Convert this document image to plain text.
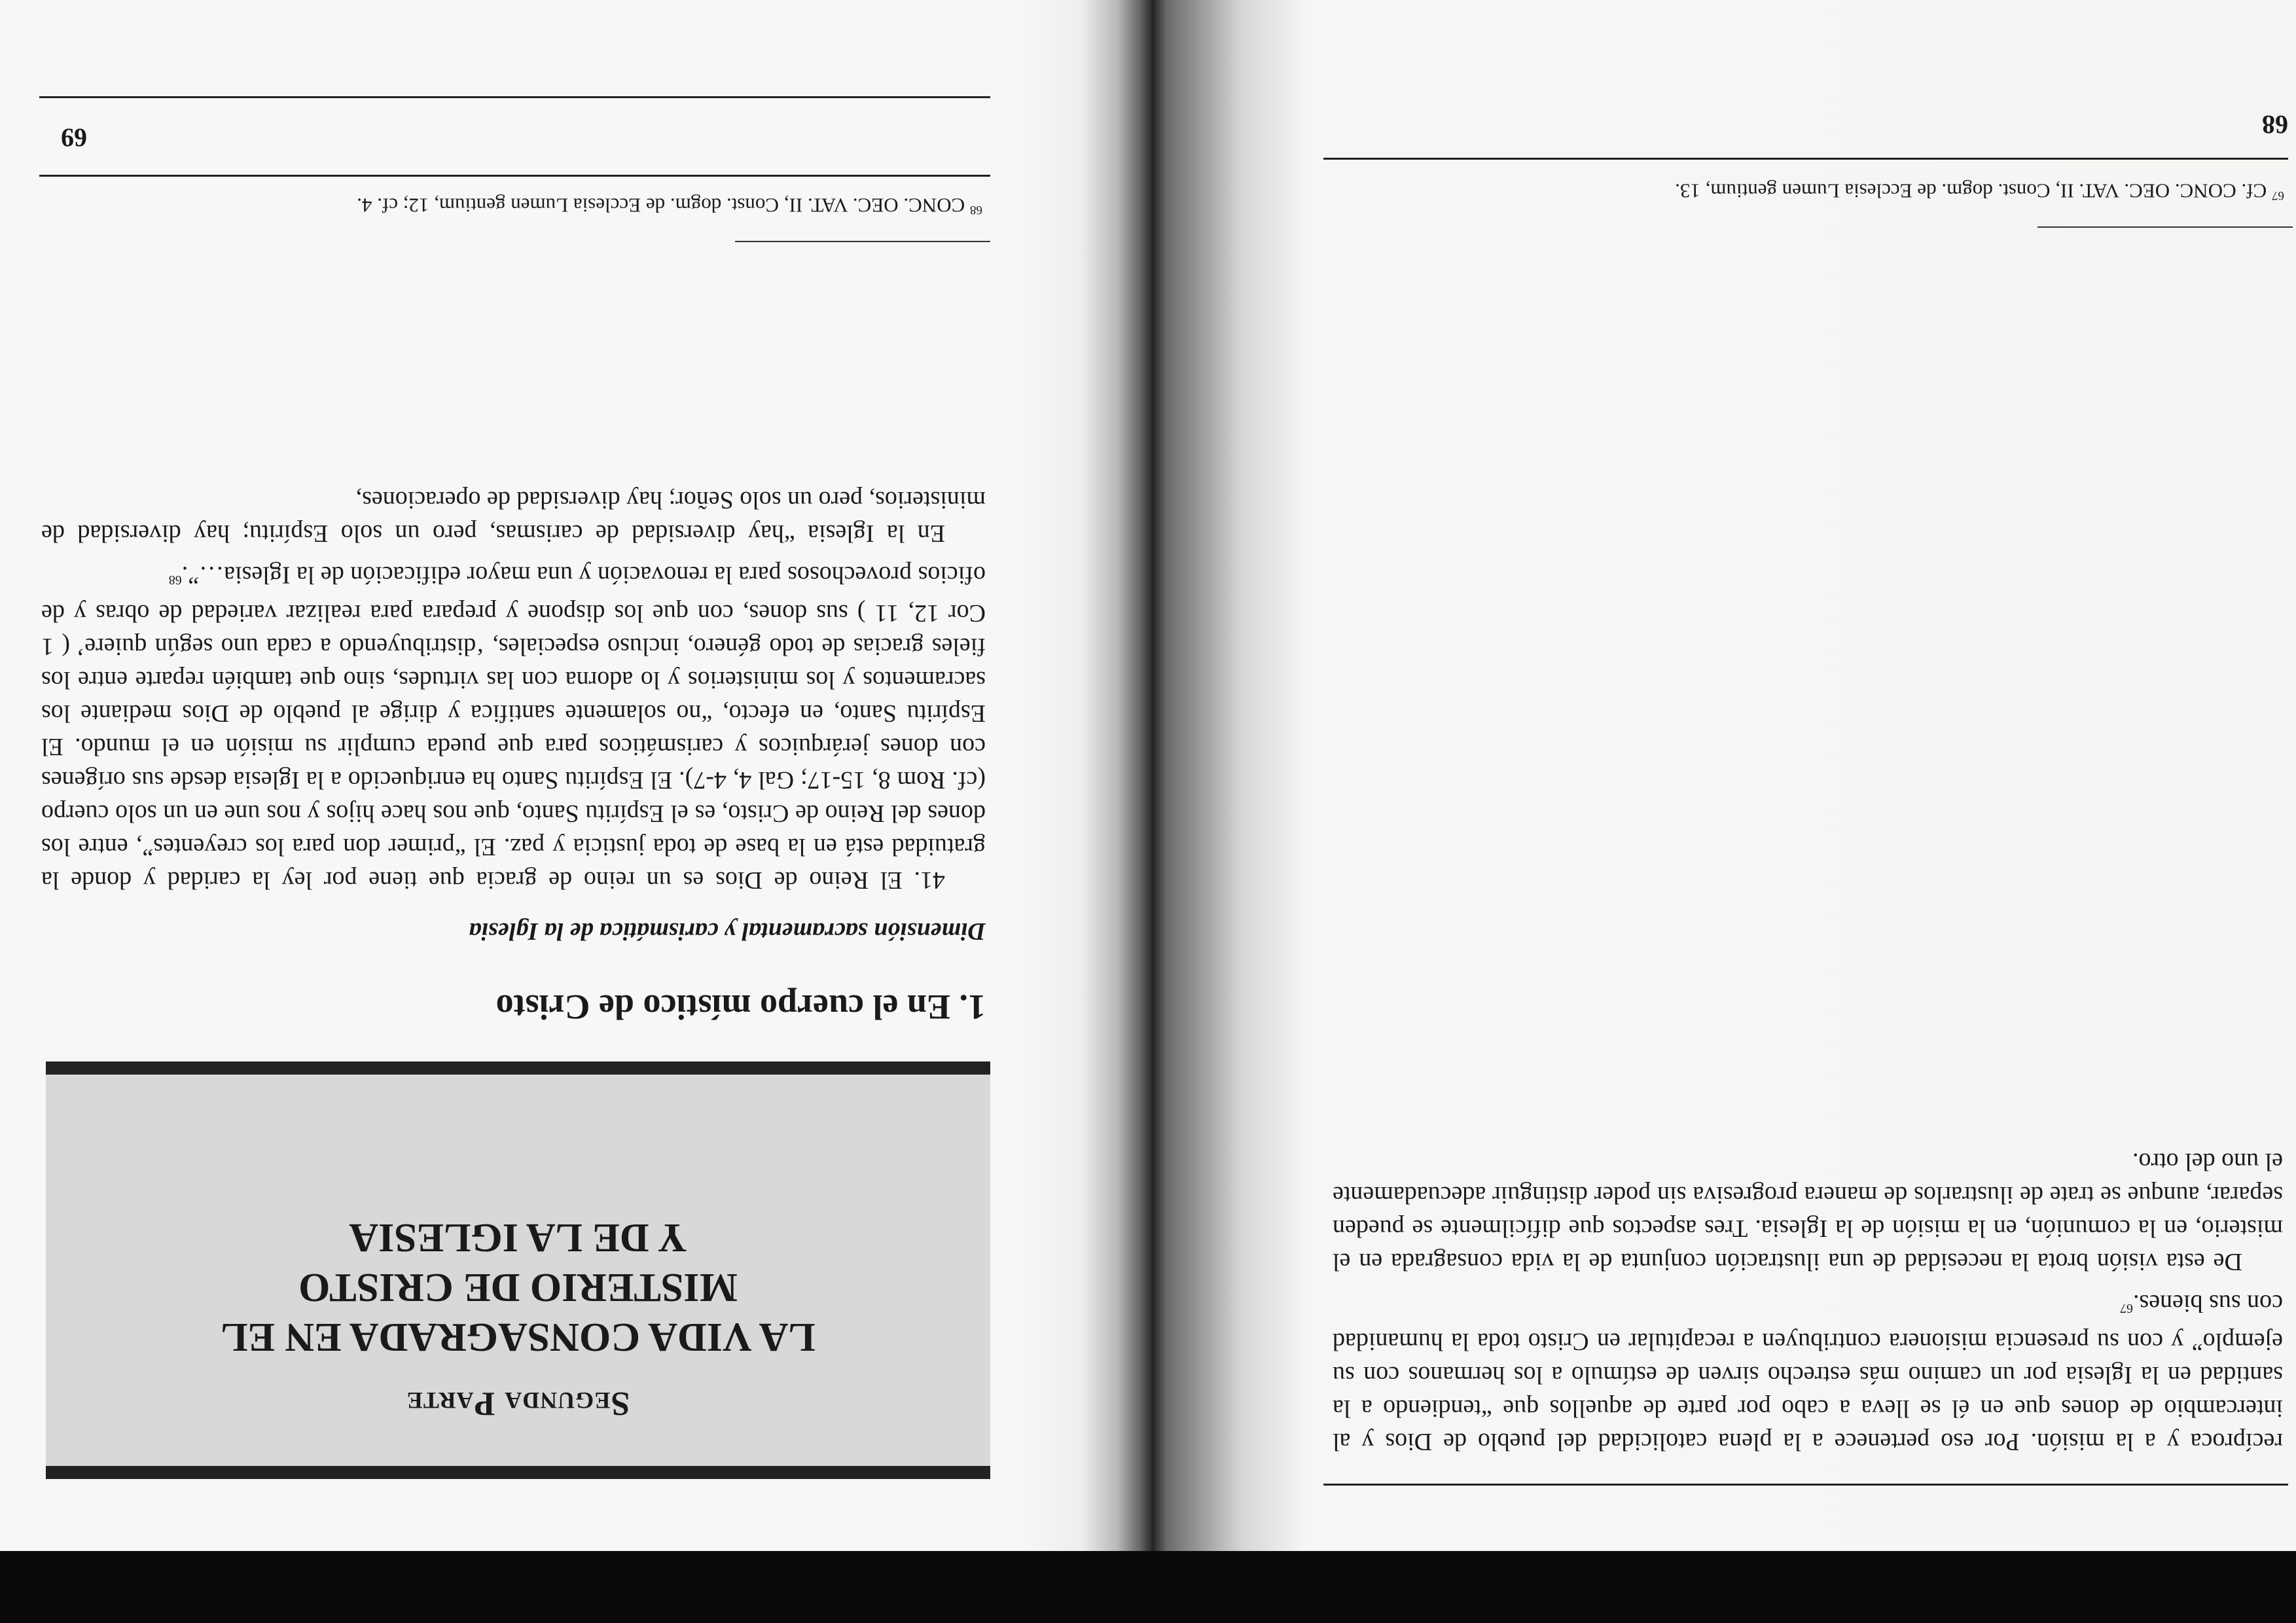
recíproca y a la misión. Por eso pertenece a la plena catolicidad del pueblo de Dios y al intercambio de dones que en él se lleva a cabo por parte de aquellos que “tendiendo a la santidad en la Iglesia por un camino más estrecho sirven de estímulo a los hermanos con su ejemplo” y con su presencia misionera contribuyen a recapitular en Cristo toda la humanidad con sus bienes.$^{67}$

De esta visión brota la necesidad de una ilustración conjunta de la vida consagrada en el misterio, en la comunión, en la misión de la Iglesia. Tres aspectos que difícilmente se pueden separar, aunque se trate de ilustrarlos de manera progresiva sin poder distinguir adecuadamente el uno del otro.

$^{67}$ Cf. CONC. OEC. VAT. II, Const. dogm. de Ecclesia Lumen gentium, 13.
68
Segunda Parte
LA VIDA CONSAGRADA EN EL
MISTERIO DE CRISTO
Y DE LA IGLESIA
1. En el cuerpo místico de Cristo
Dimensión sacramental y carismática de la Iglesia

41. El Reino de Dios es un reino de gracia que tiene por ley la caridad y donde la gratuidad está en la base de toda justicia y paz. El “primer don para los creyentes”, entre los dones del Reino de Cristo, es el Espíritu Santo, que nos hace hijos y nos une en un solo cuerpo (cf. Rom 8, 15-17; Gal 4, 4-7). El Espíritu Santo ha enriquecido a la Iglesia desde sus orígenes con dones jerárquicos y carismáticos para que pueda cumplir su misión en el mundo. El Espíritu Santo, en efecto, “no solamente santifica y dirige al pueblo de Dios mediante los sacramentos y los ministerios y lo adorna con las virtudes, sino que también reparte entre los fieles gracias de todo género, incluso especiales, ‘distribuyendo a cada uno según quiere’ ( 1 Cor 12, 11 ) sus dones, con que los dispone y prepara para realizar variedad de obras y de oficios provechosos para la renovación y una mayor edificación de la Iglesia…”.$^{68}$

En la Iglesia “hay diversidad de carismas, pero un solo Espíritu; hay diversidad de ministerios, pero un solo Señor; hay diversidad de operaciones,

$^{68}$ CONC. OEC. VAT. II, Const. dogm. de Ecclesia Lumen gentium, 12; cf. 4.
69
